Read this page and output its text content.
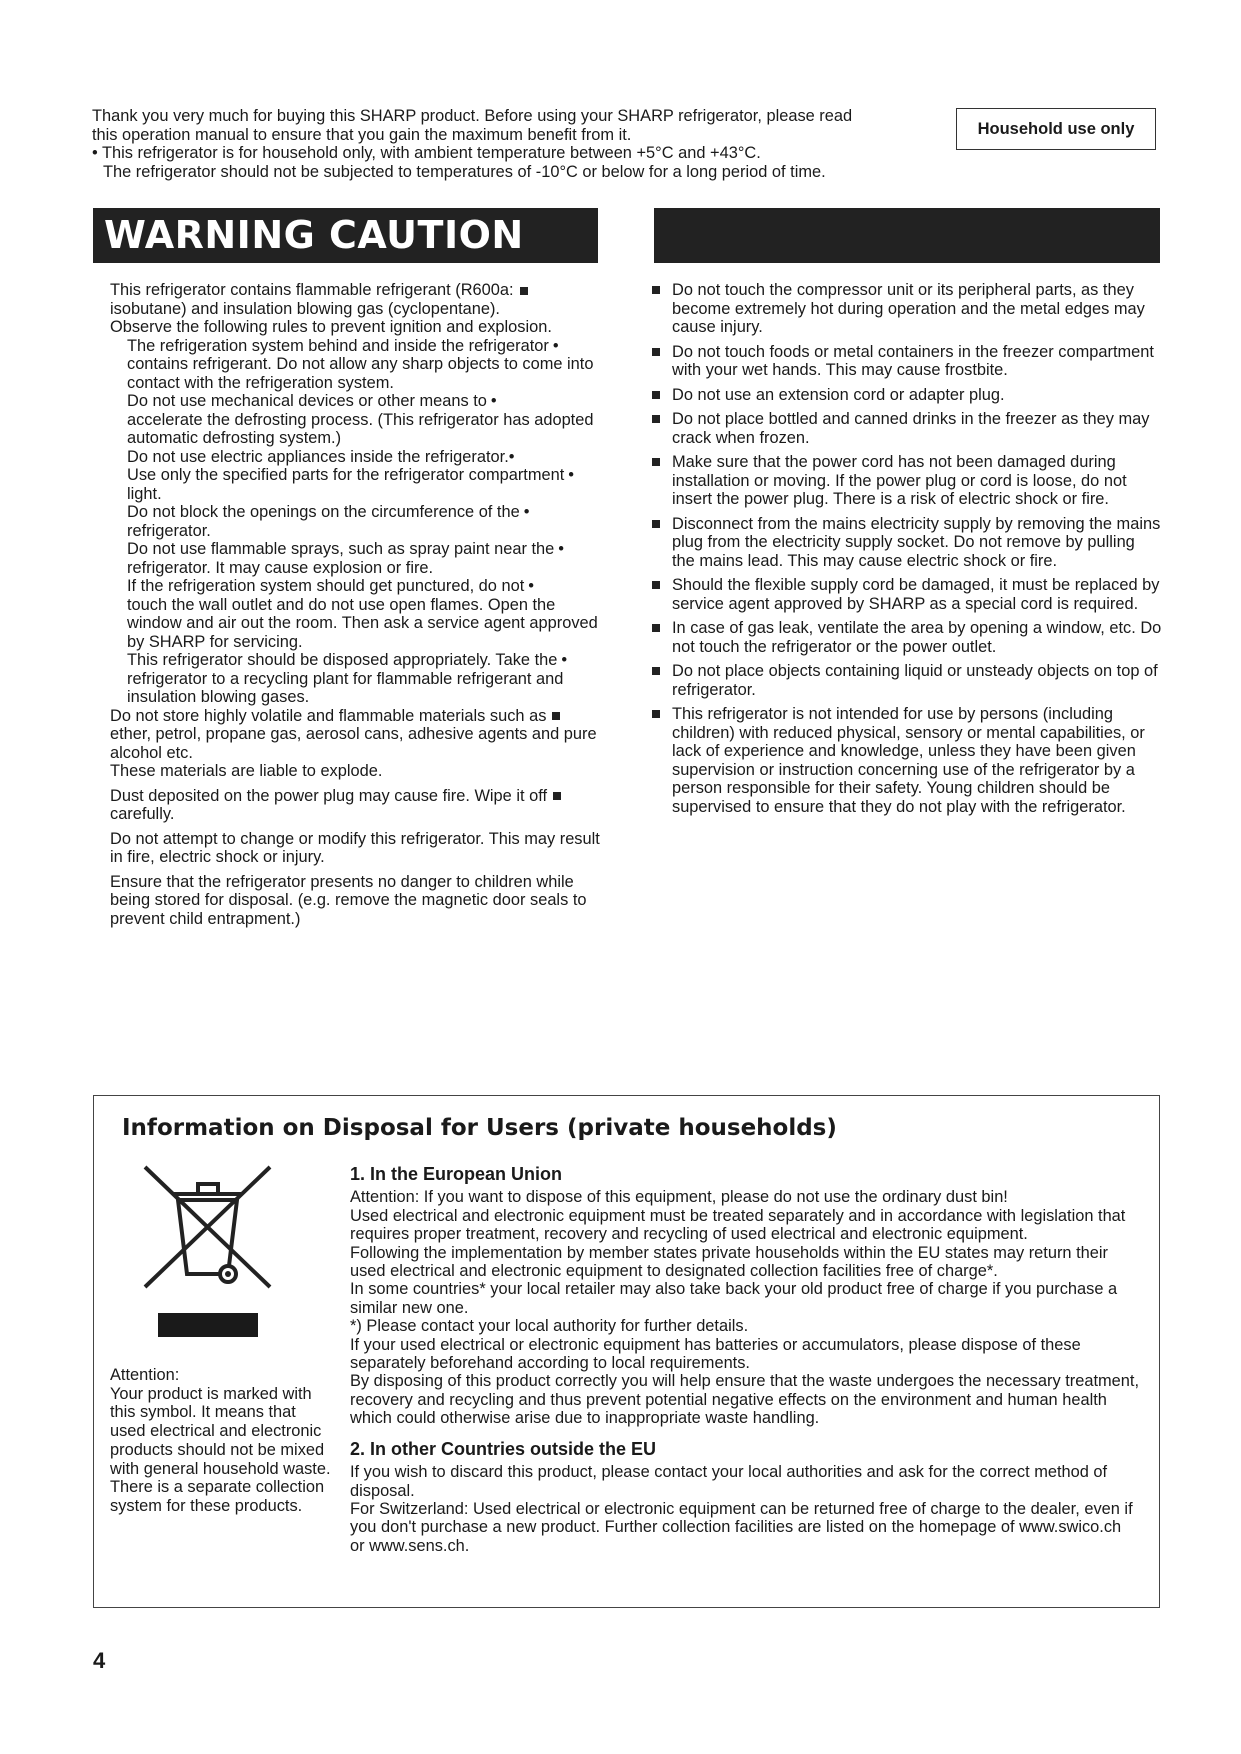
Thank you very much for buying this SHARP product. Before using your SHARP refrigerator, please read

this operation manual to ensure that you gain the maximum benefit from it.

• This refrigerator is for household only, with ambient temperature between +5°C and +43°C.

The refrigerator should not be subjected to temperatures of -10°C or below for a long period of time.

Household use only
WARNING CAUTION
This refrigerator contains flammable refrigerant (R600a:
isobutane) and insulation blowing gas (cyclopentane).
Observe the following rules to prevent ignition and explosion.
The refrigeration system behind and inside the refrigerator •
contains refrigerant. Do not allow any sharp objects to come into contact with the refrigeration system.
Do not use mechanical devices or other means to •
accelerate the defrosting process. (This refrigerator has adopted automatic defrosting system.)
Do not use electric appliances inside the refrigerator.•
Use only the specified parts for the refrigerator compartment •
light.
Do not block the openings on the circumference of the •
refrigerator.
Do not use flammable sprays, such as spray paint near the •
refrigerator. It may cause explosion or fire.
If the refrigeration system should get punctured, do not •
touch the wall outlet and do not use open flames. Open the window and air out the room. Then ask a service agent approved by SHARP for servicing.
This refrigerator should be disposed appropriately. Take the •
refrigerator to a recycling plant for flammable refrigerant and insulation blowing gases.
Do not store highly volatile and flammable materials such as
ether, petrol, propane gas, aerosol cans, adhesive agents and pure alcohol etc.
These materials are liable to explode.
Dust deposited on the power plug may cause fire. Wipe it off
carefully.
Do not attempt to change or modify this refrigerator. This may result in fire, electric shock or injury.
Ensure that the refrigerator presents no danger to children while being stored for disposal. (e.g. remove the magnetic door seals to prevent child entrapment.)
Do not touch the compressor unit or its peripheral parts, as they become extremely hot during operation and the metal edges may cause injury.
Do not touch foods or metal containers in the freezer compartment with your wet hands. This may cause frostbite.
Do not use an extension cord or adapter plug.
Do not place bottled and canned drinks in the freezer as they may crack when frozen.
Make sure that the power cord has not been damaged during installation or moving. If the power plug or cord is loose, do not insert the power plug. There is a risk of electric shock or fire.
Disconnect from the mains electricity supply by removing the mains plug from the electricity supply socket. Do not remove by pulling the mains lead. This may cause electric shock or fire.
Should the flexible supply cord be damaged, it must be replaced by service agent approved by SHARP as a special cord is required.
In case of gas leak, ventilate the area by opening a window, etc. Do not touch the refrigerator or the power outlet.
Do not place objects containing liquid or unsteady objects on top of refrigerator.
This refrigerator is not intended for use by persons (including children) with reduced physical, sensory or mental capabilities, or lack of experience and knowledge, unless they have been given supervision or instruction concerning use of the refrigerator by a person responsible for their safety. Young children should be supervised to ensure that they do not play with the refrigerator.
Information on Disposal for Users (private households)
Attention:
Your product is marked with this symbol. It means that used electrical and electronic products should not be mixed with general household waste. There is a separate collection system for these products.
1. In the European Union

Attention: If you want to dispose of this equipment, please do not use the ordinary dust bin!

Used electrical and electronic equipment must be treated separately and in accordance with legislation that requires proper treatment, recovery and recycling of used electrical and electronic equipment.

Following the implementation by member states private households within the EU states may return their used electrical and electronic equipment to designated collection facilities free of charge*.

In some countries* your local retailer may also take back your old product free of charge if you purchase a similar new one.

*) Please contact your local authority for further details.

If your used electrical or electronic equipment has batteries or accumulators, please dispose of these separately beforehand according to local requirements.

By disposing of this product correctly you will help ensure that the waste undergoes the necessary treatment, recovery and recycling and thus prevent potential negative effects on the environment and human health which could otherwise arise due to inappropriate waste handling.

2. In other Countries outside the EU

If you wish to discard this product, please contact your local authorities and ask for the correct method of disposal.

For Switzerland: Used electrical or electronic equipment can be returned free of charge to the dealer, even if you don't purchase a new product. Further collection facilities are listed on the homepage of www.swico.ch or www.sens.ch.

4
